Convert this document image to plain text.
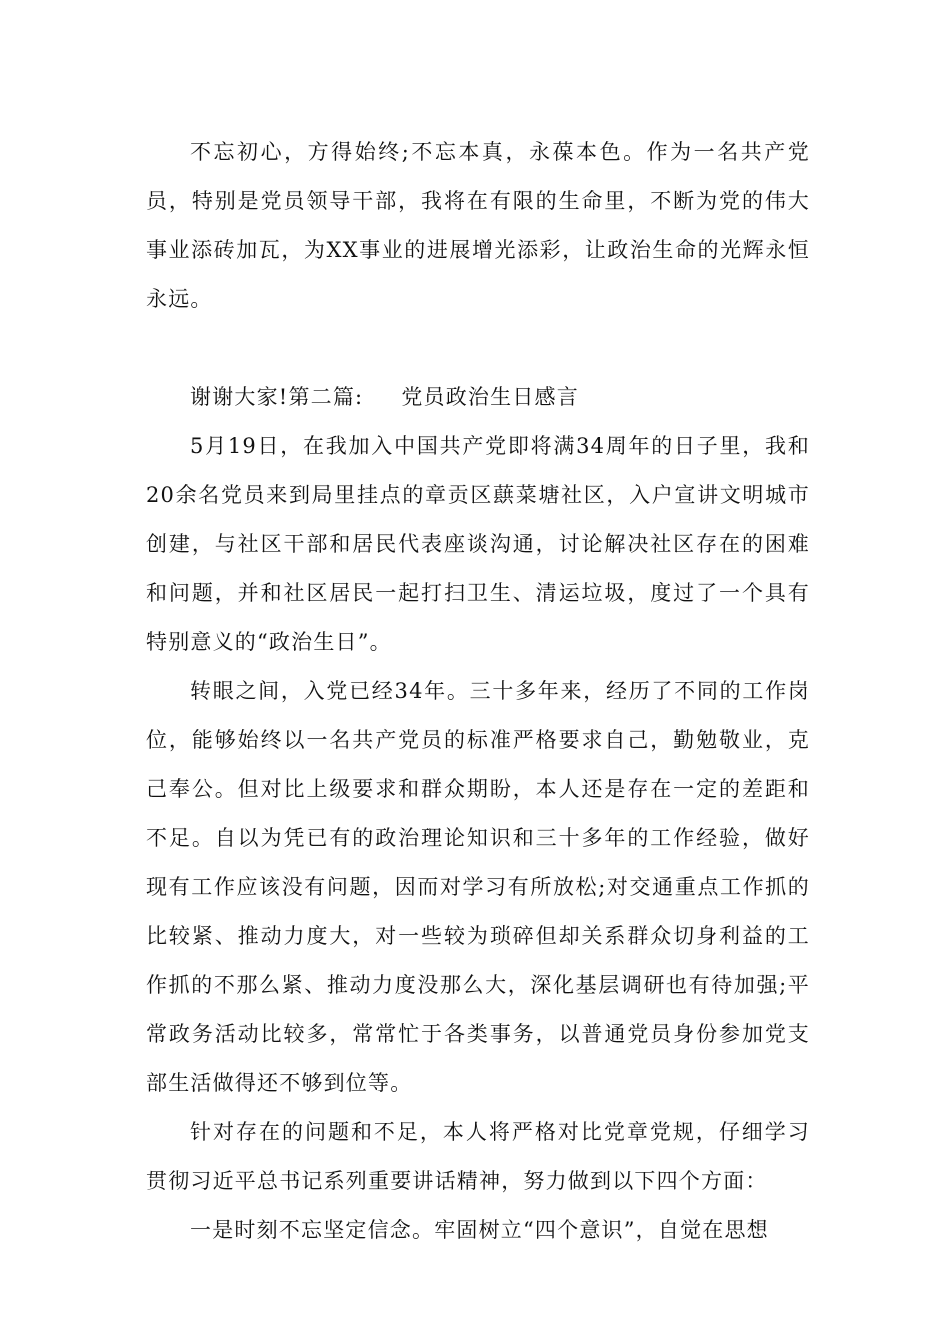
不忘初心，方得始终;不忘本真，永葆本色。作为一名共产党员，特别是党员领导干部，我将在有限的生命里，不断为党的伟大事业添砖加瓦，为XX事业的进展增光添彩，让政治生命的光辉永恒永远。

谢谢大家!第二篇: 党员政治生日感言

5月19日，在我加入中国共产党即将满34周年的日子里，我和20余名党员来到局里挂点的章贡区蕻菜塘社区，入户宣讲文明城市创建，与社区干部和居民代表座谈沟通，讨论解决社区存在的困难和问题，并和社区居民一起打扫卫生、清运垃圾，度过了一个具有特别意义的“政治生日”。

转眼之间，入党已经34年。三十多年来，经历了不同的工作岗位，能够始终以一名共产党员的标准严格要求自己，勤勉敬业，克己奉公。但对比上级要求和群众期盼，本人还是存在一定的差距和不足。自以为凭已有的政治理论知识和三十多年的工作经验，做好现有工作应该没有问题，因而对学习有所放松;对交通重点工作抓的比较紧、推动力度大，对一些较为琐碎但却关系群众切身利益的工作抓的不那么紧、推动力度没那么大，深化基层调研也有待加强;平常政务活动比较多，常常忙于各类事务，以普通党员身份参加党支部生活做得还不够到位等。

针对存在的问题和不足，本人将严格对比党章党规，仔细学习贯彻习近平总书记系列重要讲话精神，努力做到以下四个方面：

一是时刻不忘坚定信念。牢固树立“四个意识”，自觉在思想
